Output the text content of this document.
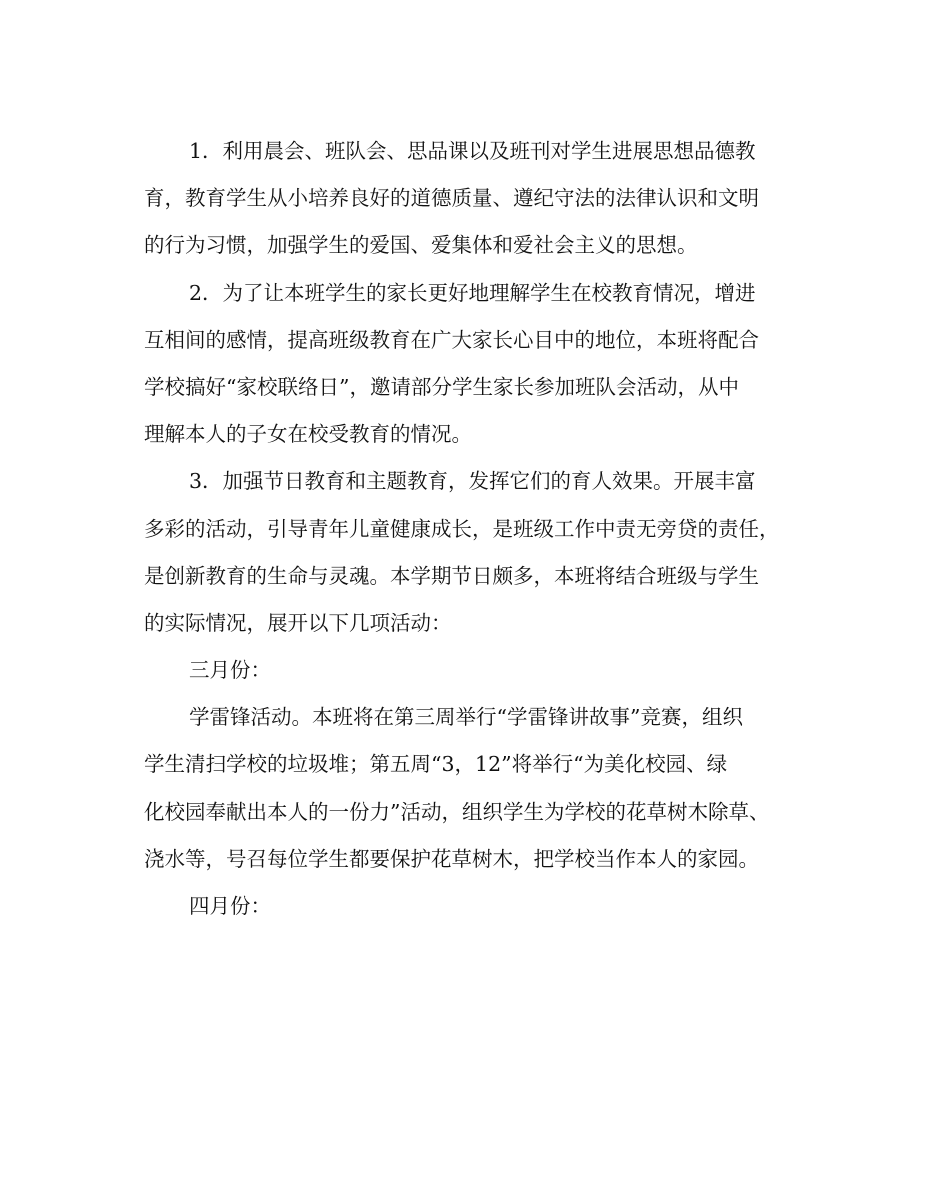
1．利用晨会、班队会、思品课以及班刊对学生进展思想品德教
育，教育学生从小培养良好的道德质量、遵纪守法的法律认识和文明
的行为习惯，加强学生的爱国、爱集体和爱社会主义的思想。
2．为了让本班学生的家长更好地理解学生在校教育情况，增进
互相间的感情，提高班级教育在广大家长心目中的地位，本班将配合
学校搞好“家校联络日”，邀请部分学生家长参加班队会活动，从中
理解本人的子女在校受教育的情况。
3．加强节日教育和主题教育，发挥它们的育人效果。开展丰富
多彩的活动，引导青年儿童健康成长，是班级工作中责无旁贷的责任，
是创新教育的生命与灵魂。本学期节日颇多，本班将结合班级与学生
的实际情况，展开以下几项活动：
三月份：
学雷锋活动。本班将在第三周举行“学雷锋讲故事”竞赛，组织
学生清扫学校的垃圾堆；第五周“3，12”将举行“为美化校园、绿
化校园奉献出本人的一份力”活动，组织学生为学校的花草树木除草、
浇水等，号召每位学生都要保护花草树木，把学校当作本人的家园。
四月份：
